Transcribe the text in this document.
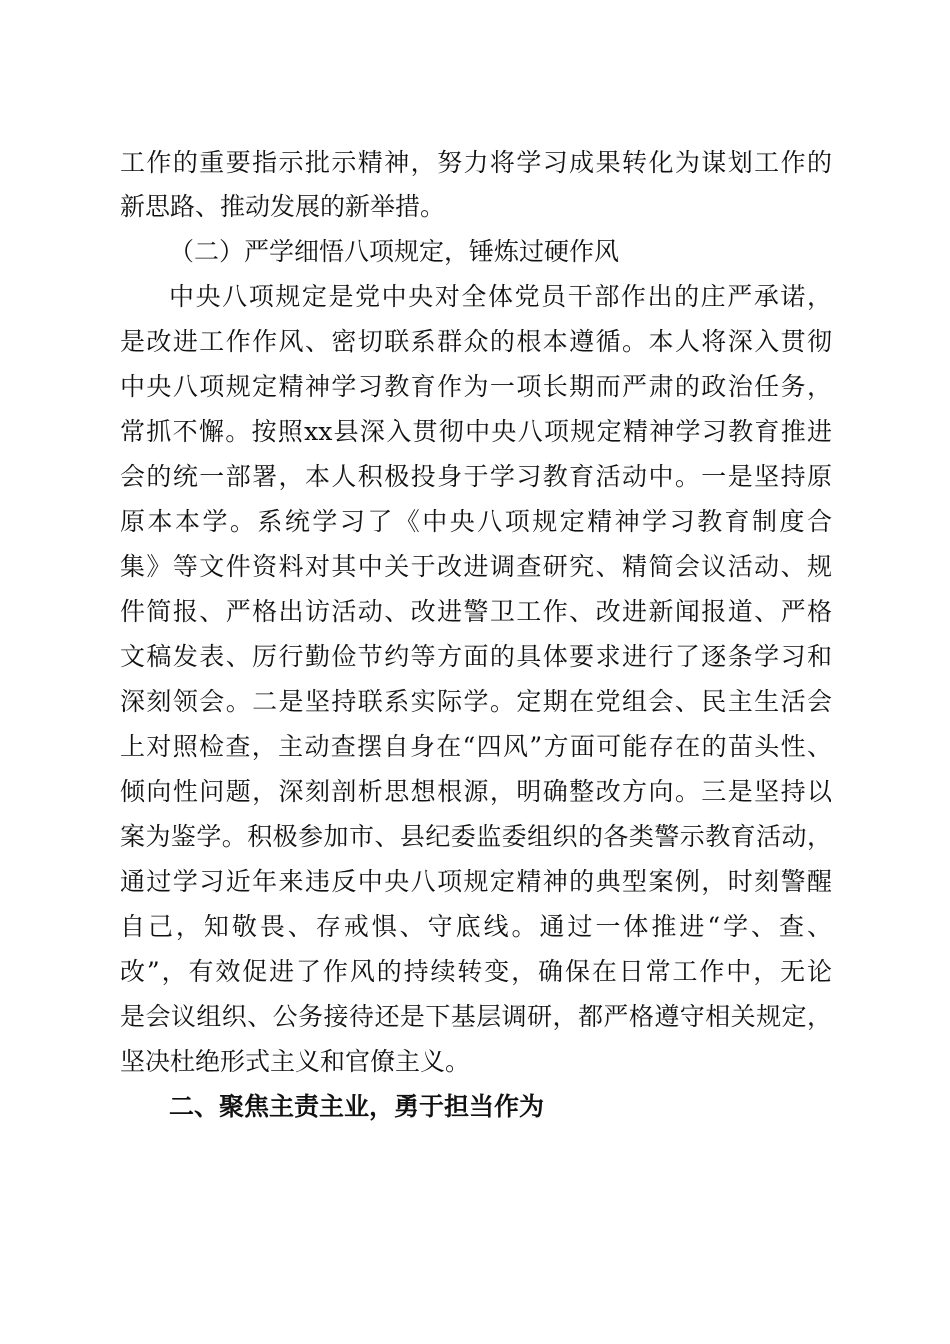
工作的重要指示批示精神，努力将学习成果转化为谋划工作的
新思路、推动发展的新举措。
（二）严学细悟八项规定，锤炼过硬作风
中央八项规定是党中央对全体党员干部作出的庄严承诺，
是改进工作作风、密切联系群众的根本遵循。本人将深入贯彻
中央八项规定精神学习教育作为一项长期而严肃的政治任务，
常抓不懈。按照xx县深入贯彻中央八项规定精神学习教育推进
会的统一部署，本人积极投身于学习教育活动中。一是坚持原
原本本学。系统学习了《中央八项规定精神学习教育制度合
集》等文件资料对其中关于改进调查研究、精简会议活动、规
件简报、严格出访活动、改进警卫工作、改进新闻报道、严格
文稿发表、厉行勤俭节约等方面的具体要求进行了逐条学习和
深刻领会。二是坚持联系实际学。定期在党组会、民主生活会
上对照检查，主动查摆自身在“四风”方面可能存在的苗头性、
倾向性问题，深刻剖析思想根源，明确整改方向。三是坚持以
案为鉴学。积极参加市、县纪委监委组织的各类警示教育活动，
通过学习近年来违反中央八项规定精神的典型案例，时刻警醒
自己，知敬畏、存戒惧、守底线。通过一体推进“学、查、
改”，有效促进了作风的持续转变，确保在日常工作中，无论
是会议组织、公务接待还是下基层调研，都严格遵守相关规定，
坚决杜绝形式主义和官僚主义。
二、聚焦主责主业，勇于担当作为
